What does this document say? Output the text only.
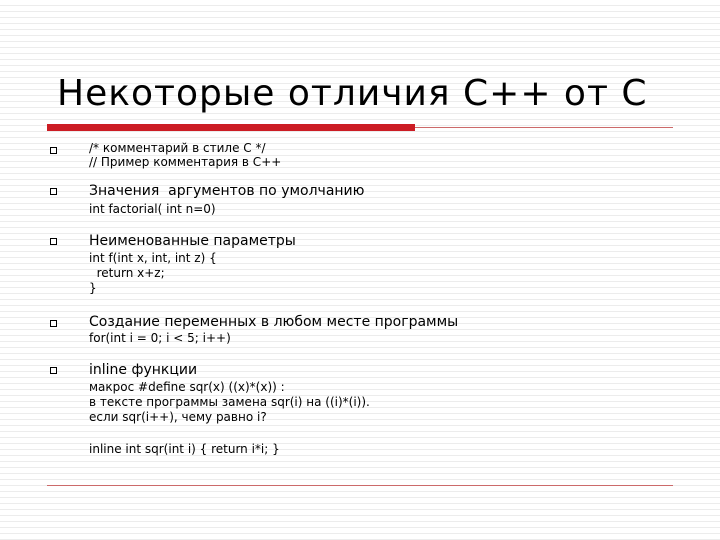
Некоторые отличия С++ от С
/* комментарий в стиле С */
// Пример комментария в С++
Значения  аргументов по умолчанию
int factorial( int n=0)
Неименованные параметры
int f(int x, int, int z) {
return x+z;
}
Создание переменных в любом месте программы
for(int i = 0; i < 5; i++)
inline функции
макрос #define sqr(x) ((x)*(x)) :
в тексте программы замена sqr(i) на ((i)*(i)).
если sqr(i++), чему равно i?
inline int sqr(int i) { return i*i; }
